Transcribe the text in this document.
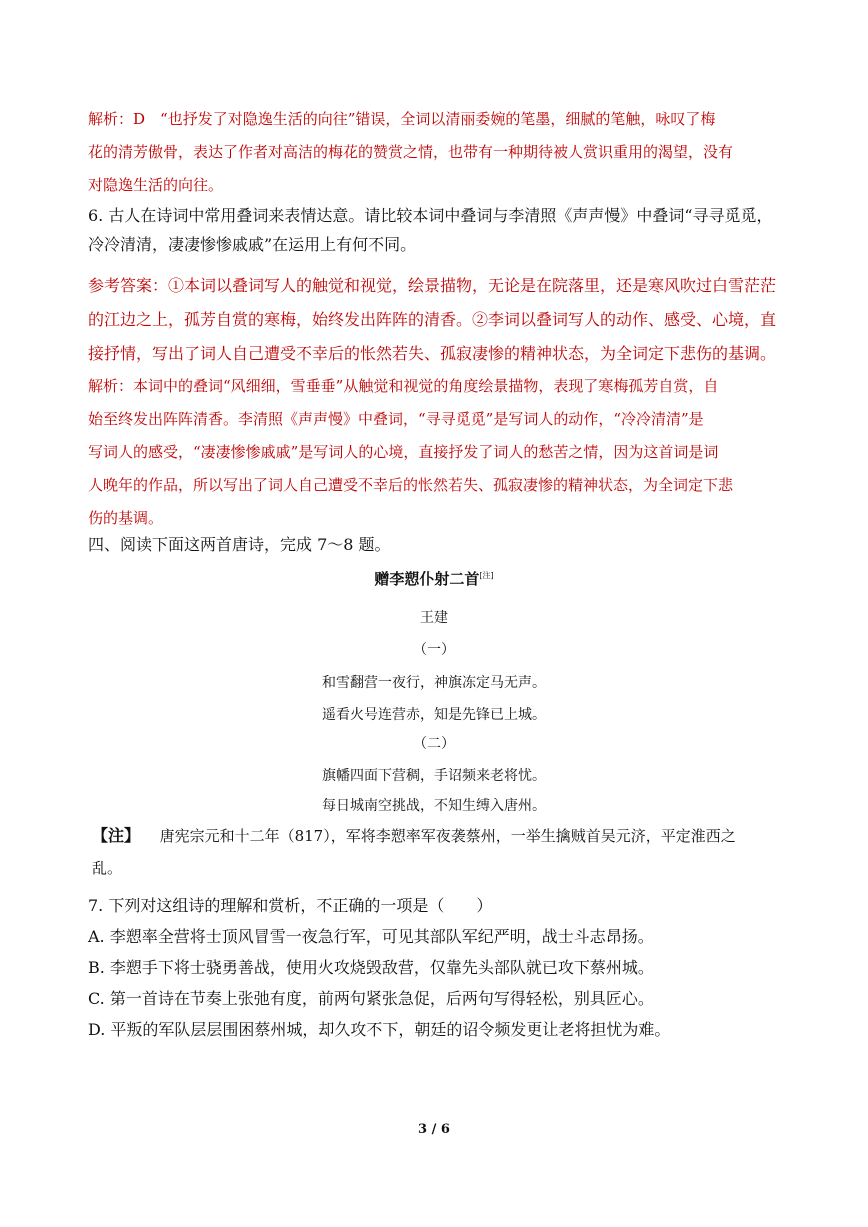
解析：D　“也抒发了对隐逸生活的向往”错误，全词以清丽委婉的笔墨，细腻的笔触，咏叹了梅
花的清芳傲骨，表达了作者对高洁的梅花的赞赏之情，也带有一种期待被人赏识重用的渴望，没有
对隐逸生活的向往。
6. 古人在诗词中常用叠词来表情达意。请比较本词中叠词与李清照《声声慢》中叠词“寻寻觅觅，
冷冷清清，凄凄惨惨戚戚”在运用上有何不同。
参考答案：①本词以叠词写人的触觉和视觉，绘景描物，无论是在院落里，还是寒风吹过白雪茫茫
的江边之上，孤芳自赏的寒梅，始终发出阵阵的清香。②李词以叠词写人的动作、感受、心境，直
接抒情，写出了词人自己遭受不幸后的怅然若失、孤寂凄惨的精神状态，为全词定下悲伤的基调。
解析：本词中的叠词“风细细，雪垂垂”从触觉和视觉的角度绘景描物，表现了寒梅孤芳自赏，自
始至终发出阵阵清香。李清照《声声慢》中叠词，“寻寻觅觅”是写词人的动作，“冷冷清清”是
写词人的感受，“凄凄惨惨戚戚”是写词人的心境，直接抒发了词人的愁苦之情，因为这首词是词
人晚年的作品，所以写出了词人自己遭受不幸后的怅然若失、孤寂凄惨的精神状态，为全词定下悲
伤的基调。
四、阅读下面这两首唐诗，完成 7～8 题。
赠李愬仆射二首[注]
王建
（一）
和雪翻营一夜行，神旗冻定马无声。
遥看火号连营赤，知是先锋已上城。
（二）
旗幡四面下营稠，手诏频来老将忧。
每日城南空挑战，不知生缚入唐州。
【注】 唐宪宗元和十二年（817），军将李愬率军夜袭蔡州，一举生擒贼首吴元济，平定淮西之
乱。
7. 下列对这组诗的理解和赏析，不正确的一项是（　　）
A. 李愬率全营将士顶风冒雪一夜急行军，可见其部队军纪严明，战士斗志昂扬。
B. 李愬手下将士骁勇善战，使用火攻烧毁敌营，仅靠先头部队就已攻下蔡州城。
C. 第一首诗在节奏上张弛有度，前两句紧张急促，后两句写得轻松，别具匠心。
D. 平叛的军队层层围困蔡州城，却久攻不下，朝廷的诏令频发更让老将担忧为难。
3 / 6
